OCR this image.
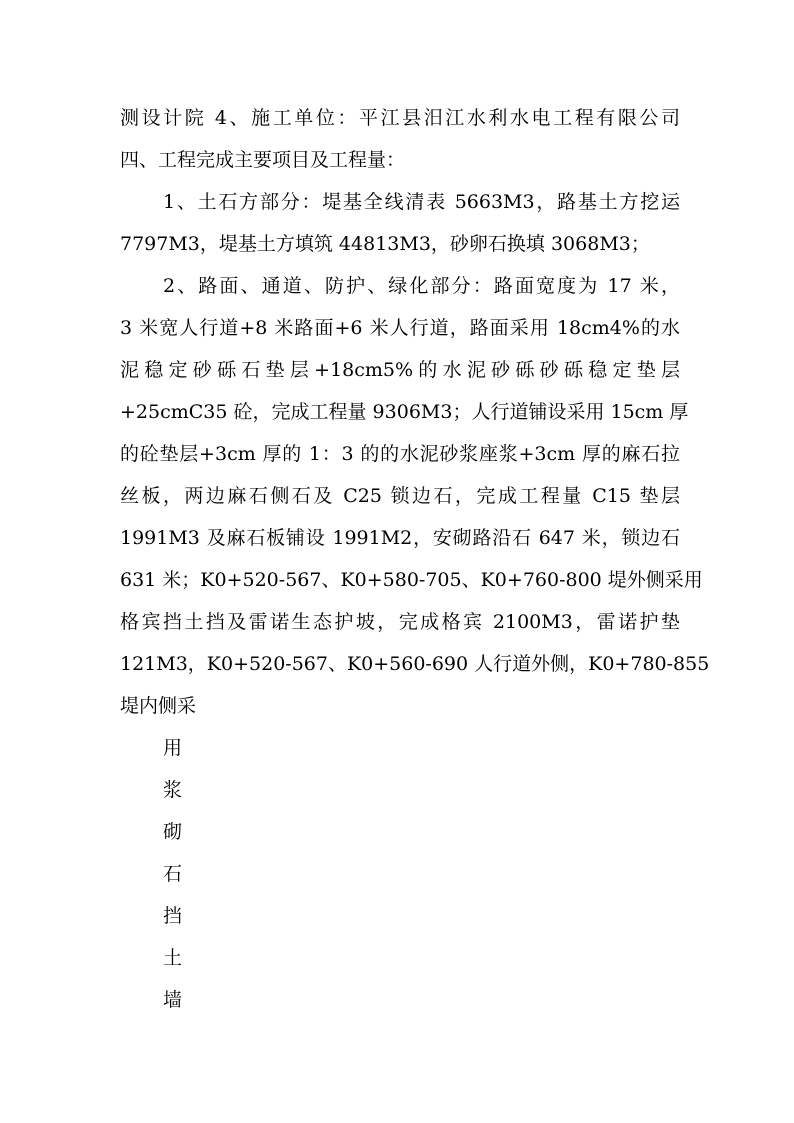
测设计院 4、施工单位：平江县汨江水利水电工程有限公司
四、工程完成主要项目及工程量：
1、土石方部分：堤基全线清表 5663M3，路基土方挖运
7797M3，堤基土方填筑 44813M3，砂卵石换填 3068M3；
2、路面、通道、防护、绿化部分：路面宽度为 17 米，
3 米宽人行道+8 米路面+6 米人行道，路面采用 18cm4%的水
泥稳定砂砾石垫层+18cm5%的水泥砂砾砂砾稳定垫层
+25cmC35 砼，完成工程量 9306M3；人行道铺设采用 15cm 厚
的砼垫层+3cm 厚的 1：3 的的水泥砂浆座浆+3cm 厚的麻石拉
丝板，两边麻石侧石及 C25 锁边石，完成工程量 C15 垫层
1991M3 及麻石板铺设 1991M2，安砌路沿石 647 米，锁边石
631 米；K0+520-567、K0+580-705、K0+760-800 堤外侧采用
格宾挡土挡及雷诺生态护坡，完成格宾 2100M3，雷诺护垫
121M3，K0+520-567、K0+560-690 人行道外侧，K0+780-855
堤内侧采
用
浆
砌
石
挡
土
墙
